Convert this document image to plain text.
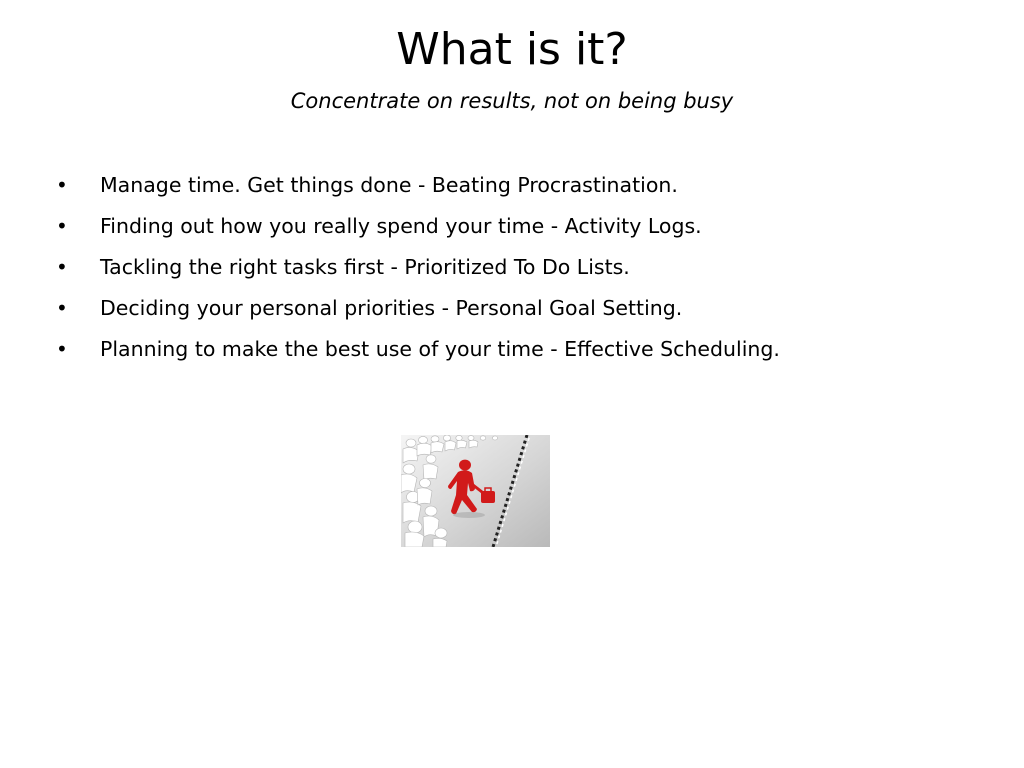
What is it?

Concentrate on results, not on being busy

•	Manage time. Get things done - Beating Procrastination.
•	Finding out how you really spend your time - Activity Logs.
•	Tackling the right tasks first - Prioritized To Do Lists.
•	Deciding your personal priorities - Personal Goal Setting.
•	Planning to make the best use of your time - Effective Scheduling.
